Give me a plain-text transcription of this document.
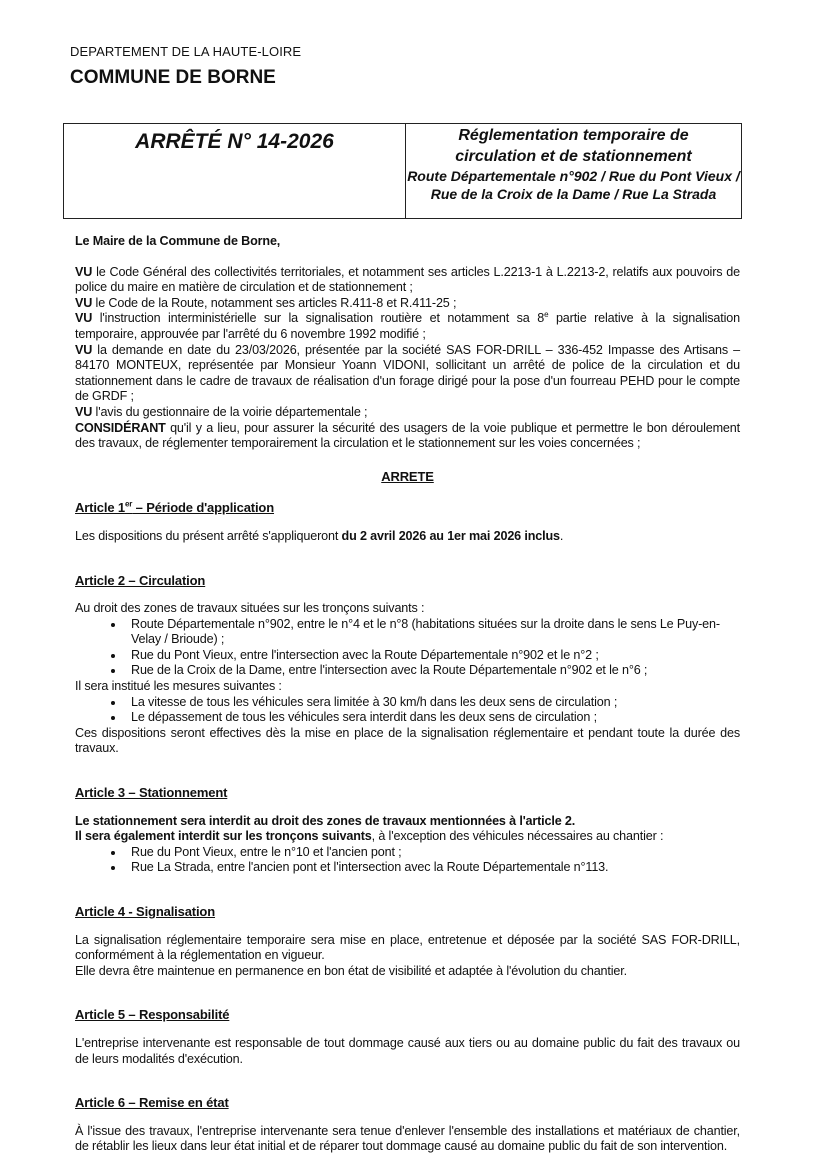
DEPARTEMENT DE LA HAUTE-LOIRE
COMMUNE DE BORNE
ARRÊTÉ N° 14-2026	Réglementation temporaire de
circulation et de stationnement
Route Départementale n°902 / Rue du Pont Vieux / Rue de la Croix de la Dame / Rue La Strada

Le Maire de la Commune de Borne,

VU le Code Général des collectivités territoriales, et notamment ses articles L.2213-1 à L.2213-2, relatifs aux pouvoirs de police du maire en matière de circulation et de stationnement ;

VU le Code de la Route, notamment ses articles R.411-8 et R.411-25 ;

VU l'instruction interministérielle sur la signalisation routière et notamment sa 8e partie relative à la signalisation temporaire, approuvée par l'arrêté du 6 novembre 1992 modifié ;

VU la demande en date du 23/03/2026, présentée par la société SAS FOR-DRILL – 336-452 Impasse des Artisans – 84170 MONTEUX, représentée par Monsieur Yoann VIDONI, sollicitant un arrêté de police de la circulation et du stationnement dans le cadre de travaux de réalisation d'un forage dirigé pour la pose d'un fourreau PEHD pour le compte de GRDF ;

VU l'avis du gestionnaire de la voirie départementale ;

CONSIDÉRANT qu'il y a lieu, pour assurer la sécurité des usagers de la voie publique et permettre le bon déroulement des travaux, de réglementer temporairement la circulation et le stationnement sur les voies concernées ;

ARRETE

Article 1er – Période d'application

Les dispositions du présent arrêté s'appliqueront du 2 avril 2026 au 1er mai 2026 inclus.

Article 2 – Circulation

Au droit des zones de travaux situées sur les tronçons suivants :

• Route Départementale n°902, entre le n°4 et le n°8 (habitations situées sur la droite dans le sens Le Puy-en-Velay / Brioude) ;
• Rue du Pont Vieux, entre l'intersection avec la Route Départementale n°902 et le n°2 ;
• Rue de la Croix de la Dame, entre l'intersection avec la Route Départementale n°902 et le n°6 ;

Il sera institué les mesures suivantes :

• La vitesse de tous les véhicules sera limitée à 30 km/h dans les deux sens de circulation ;
• Le dépassement de tous les véhicules sera interdit dans les deux sens de circulation ;

Ces dispositions seront effectives dès la mise en place de la signalisation réglementaire et pendant toute la durée des travaux.

Article 3 – Stationnement

Le stationnement sera interdit au droit des zones de travaux mentionnées à l'article 2.

Il sera également interdit sur les tronçons suivants, à l'exception des véhicules nécessaires au chantier :

• Rue du Pont Vieux, entre le n°10 et l'ancien pont ;
• Rue La Strada, entre l'ancien pont et l'intersection avec la Route Départementale n°113.

Article 4 - Signalisation

La signalisation réglementaire temporaire sera mise en place, entretenue et déposée par la société SAS FOR-DRILL, conformément à la réglementation en vigueur.

Elle devra être maintenue en permanence en bon état de visibilité et adaptée à l'évolution du chantier.

Article 5 – Responsabilité

L'entreprise intervenante est responsable de tout dommage causé aux tiers ou au domaine public du fait des travaux ou de leurs modalités d'exécution.

Article 6 – Remise en état

À l'issue des travaux, l'entreprise intervenante sera tenue d'enlever l'ensemble des installations et matériaux de chantier, de rétablir les lieux dans leur état initial et de réparer tout dommage causé au domaine public du fait de son intervention.
